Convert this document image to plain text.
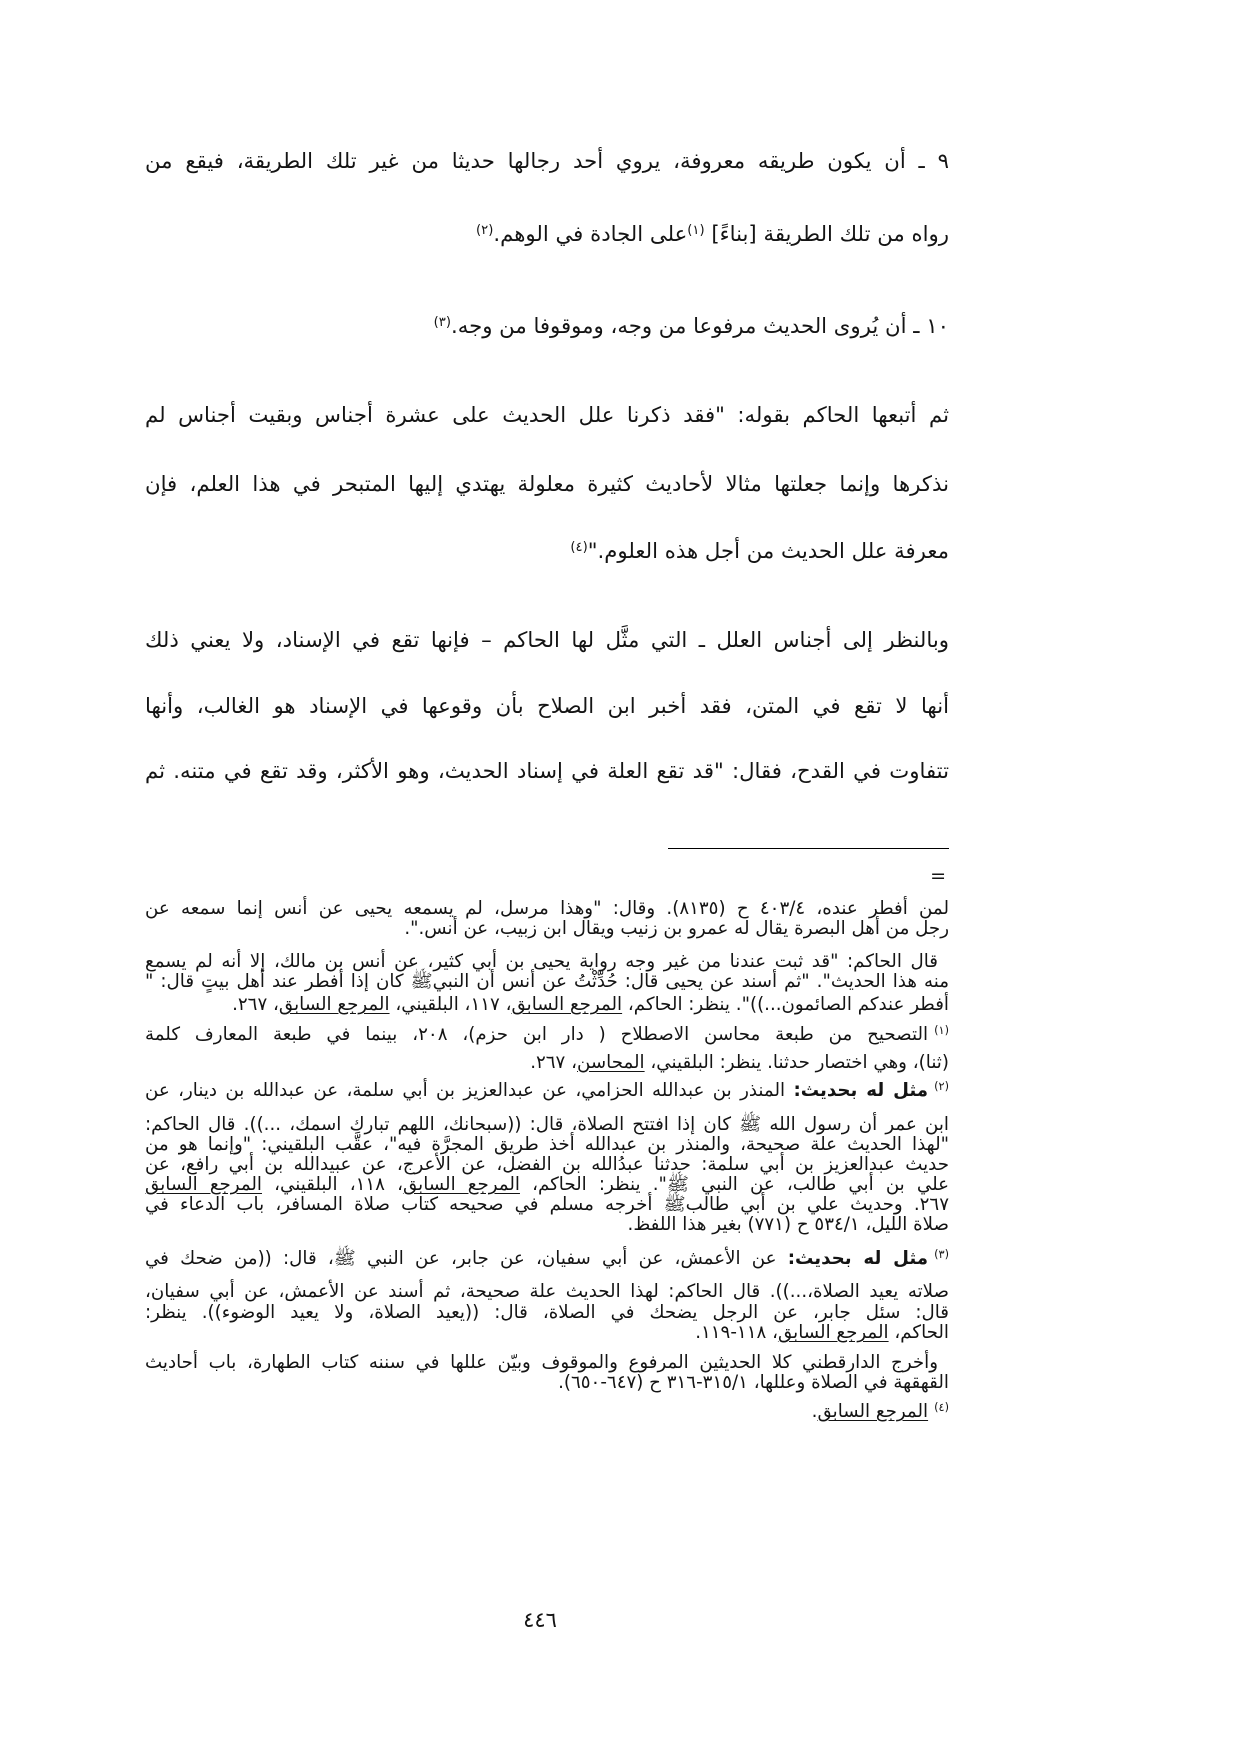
٩ ـ أن يكون طريقه معروفة، يروي أحد رجالها حديثا من غير تلك الطريقة، فيقع من
رواه من تلك الطريقة [بناءً] $^{(١)}$على الجادة في الوهم.$^{(٢)}$
١٠ ـ أن يُروى الحديث مرفوعا من وجه، وموقوفا من وجه.$^{(٣)}$
ثم أتبعها الحاكم بقوله: "فقد ذكرنا علل الحديث على عشرة أجناس وبقيت أجناس لم
نذكرها وإنما جعلتها مثالا لأحاديث كثيرة معلولة يهتدي إليها المتبحر في هذا العلم، فإن
معرفة علل الحديث من أجل هذه العلوم."$^{(٤)}$
وبالنظر إلى أجناس العلل ـ التي مثَّل لها الحاكم – فإنها تقع في الإسناد، ولا يعني ذلك
أنها لا تقع في المتن، فقد أخبر ابن الصلاح بأن وقوعها في الإسناد هو الغالب، وأنها
تتفاوت في القدح، فقال: "قد تقع العلة في إسناد الحديث، وهو الأكثر، وقد تقع في متنه. ثم
=
لمن أفطر عنده، ٤٠٣/٤ ح (٨١٣٥). وقال: "وهذا مرسل، لم يسمعه يحيى عن أنس إنما سمعه عن
رجل من أهل البصرة يقال له عمرو بن زنيب ويقال ابن زبيب، عن أنس.".
قال الحاكم: "قد ثبت عندنا من غير وجه رواية يحيى بن أبي كثير، عن أنس بن مالك، إلا أنه لم يسمع
منه هذا الحديث". "ثم أسند عن يحيى قال: حُدِّثْتُ عن أنس أن النبيﷺ كان إذا أفطر عند أهل بيتٍ قال: "
أفطر عندكم الصائمون...))". ينظر: الحاكم، المرجع السابق، ١١٧، البلقيني، المرجع السابق، ٢٦٧.
$^{(١)}$التصحيح من طبعة محاسن الاصطلاح ( دار ابن حزم)، ٢٠٨، بينما في طبعة المعارف كلمة
(ثنا)، وهي اختصار حدثنا. ينظر: البلقيني، المحاسن، ٢٦٧.
$^{(٢)}$مثل له بحديث: المنذر بن عبدالله الحزامي، عن عبدالعزيز بن أبي سلمة، عن عبدالله بن دينار، عن
ابن عمر أن رسول الله ﷺ كان إذا افتتح الصلاة، قال: ((سبحانك، اللهم تبارك اسمك، ...)). قال الحاكم:
"لهذا الحديث علة صحيحة، والمنذر بن عبدالله أخذ طريق المجرَّة فيه"، عقَّب البلقيني: "وإنما هو من
حديث عبدالعزيز بن أبي سلمة: حدثنا عبدُالله بن الفضل، عن الأعرج، عن عبيدالله بن أبي رافع، عن
علي بن أبي طالب، عن النبي ﷺ". ينظر: الحاكم، المرجع السابق، ١١٨، البلقيني، المرجع السابق
٢٦٧. وحديث علي بن أبي طالبﷺ أخرجه مسلم في صحيحه كتاب صلاة المسافر، باب الدعاء في
صلاة الليل، ٥٣٤/١ ح (٧٧١) بغير هذا اللفظ.
$^{(٣)}$مثل له بحديث: عن الأعمش، عن أبي سفيان، عن جابر، عن النبي ﷺ، قال: ((من ضحك في
صلاته يعيد الصلاة،...)). قال الحاكم: لهذا الحديث علة صحيحة، ثم أسند عن الأعمش، عن أبي سفيان،
قال: سئل جابر، عن الرجل يضحك في الصلاة، قال: ((يعيد الصلاة، ولا يعيد الوضوء)). ينظر:
الحاكم، المرجع السابق، ١١٨-١١٩.
وأخرج الدارقطني كلا الحديثين المرفوع والموقوف وبيّن عللها في سننه كتاب الطهارة، باب أحاديث
القهقهة في الصلاة وعللها، ٣١٥/١-٣١٦ ح (٦٤٧-٦٥٠).
$^{(٤)}$المرجع السابق.
٤٤٦
